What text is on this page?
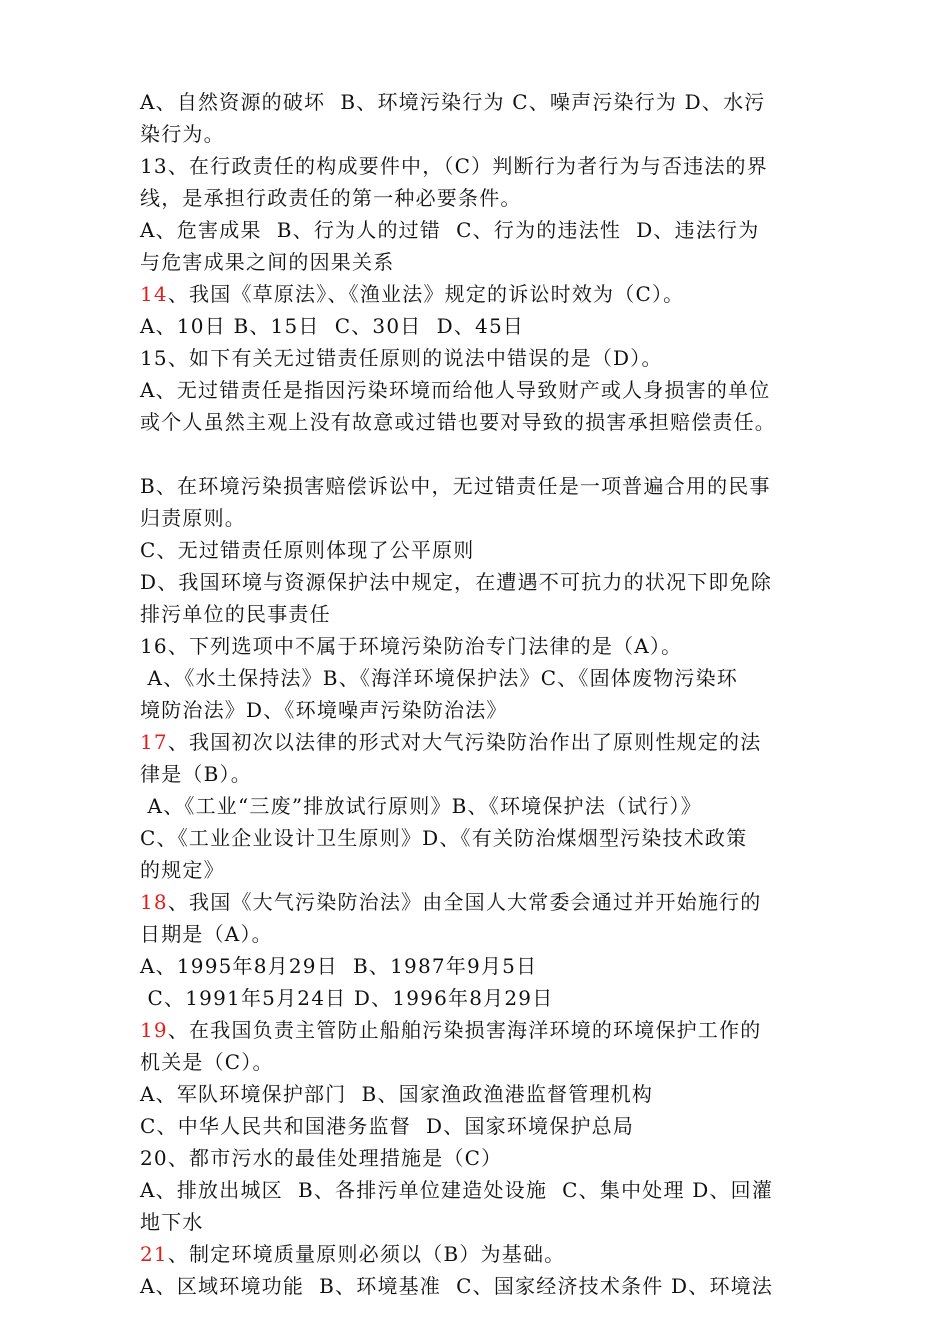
A、自然资源的破坏  B、环境污染行为 C、噪声污染行为 D、水污
染行为。
13、在行政责任的构成要件中，（C）判断行为者行为与否违法的界
线，是承担行政责任的第一种必要条件。
A、危害成果  B、行为人的过错  C、行为的违法性  D、违法行为
与危害成果之间的因果关系
14、我国《草原法》、《渔业法》规定的诉讼时效为（C）。
A、10日 B、15日  C、30日  D、45日
15、如下有关无过错责任原则的说法中错误的是（D）。
A、无过错责任是指因污染环境而给他人导致财产或人身损害的单位
或个人虽然主观上没有故意或过错也要对导致的损害承担赔偿责任。
B、在环境污染损害赔偿诉讼中，无过错责任是一项普遍合用的民事
归责原则。
C、无过错责任原则体现了公平原则
D、我国环境与资源保护法中规定，在遭遇不可抗力的状况下即免除
排污单位的民事责任
16、下列选项中不属于环境污染防治专门法律的是（A）。
A、《水土保持法》B、《海洋环境保护法》C、《固体废物污染环
境防治法》D、《环境噪声污染防治法》
17、我国初次以法律的形式对大气污染防治作出了原则性规定的法
律是（B）。
A、《工业“三废”排放试行原则》B、《环境保护法（试行）》
C、《工业企业设计卫生原则》D、《有关防治煤烟型污染技术政策
的规定》
18、我国《大气污染防治法》由全国人大常委会通过并开始施行的
日期是（A）。
A、1995年8月29日  B、1987年9月5日
C、1991年5月24日 D、1996年8月29日
19、在我国负责主管防止船舶污染损害海洋环境的环境保护工作的
机关是（C）。
A、军队环境保护部门  B、国家渔政渔港监督管理机构
C、中华人民共和国港务监督  D、国家环境保护总局
20、都市污水的最佳处理措施是（C）
A、排放出城区  B、各排污单位建造处设施  C、集中处理 D、回灌
地下水
21、制定环境质量原则必须以（B）为基础。
A、区域环境功能  B、环境基准  C、国家经济技术条件 D、环境法
